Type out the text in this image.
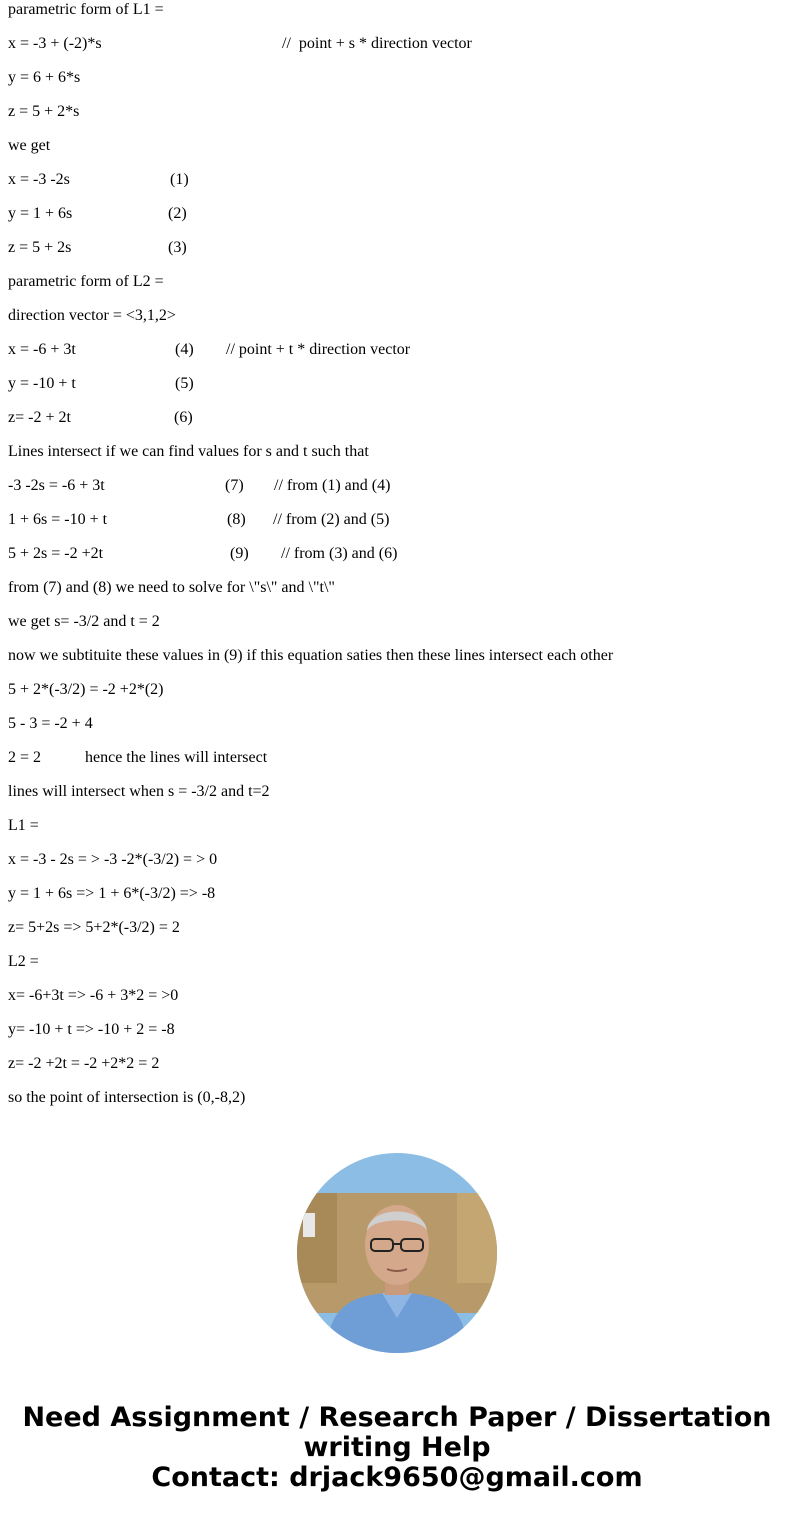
parametric form of L1 =
x = -3 + (-2)*s	//  point + s * direction vector
y = 6 + 6*s
z = 5 + 2*s
we get
x = -3 -2s	(1)
y = 1 + 6s	(2)
z = 5 + 2s	(3)
parametric form of L2 =
direction vector = <3,1,2>
x = -6 + 3t	(4) // point + t * direction vector
y = -10 + t	(5)
z= -2 + 2t	(6)
Lines intersect if we can find values for s and t such that
-3 -2s = -6 + 3t	(7) // from (1) and (4)
1 + 6s = -10 + t	(8) // from (2) and (5)
5 + 2s = -2 +2t	(9) // from (3) and (6)
from (7) and (8) we need to solve for \"s\" and \"t\"
we get s= -3/2 and t = 2
now we subtituite these values in (9) if this equation saties then these lines intersect each other
5 + 2*(-3/2) = -2 +2*(2)
5 - 3 = -2 + 4
2 = 2	hence the lines will intersect
lines will intersect when s = -3/2 and t=2
L1 =
x = -3 - 2s = > -3 -2*(-3/2) = > 0
y = 1 + 6s => 1 + 6*(-3/2) => -8
z= 5+2s => 5+2*(-3/2) = 2
L2 =
x= -6+3t => -6 + 3*2 = >0
y= -10 + t => -10 + 2 = -8
z= -2 +2t = -2 +2*2 = 2
so the point of intersection is (0,-8,2)
Need Assignment / Research Paper / Dissertation
writing Help
Contact: drjack9650@gmail.com
